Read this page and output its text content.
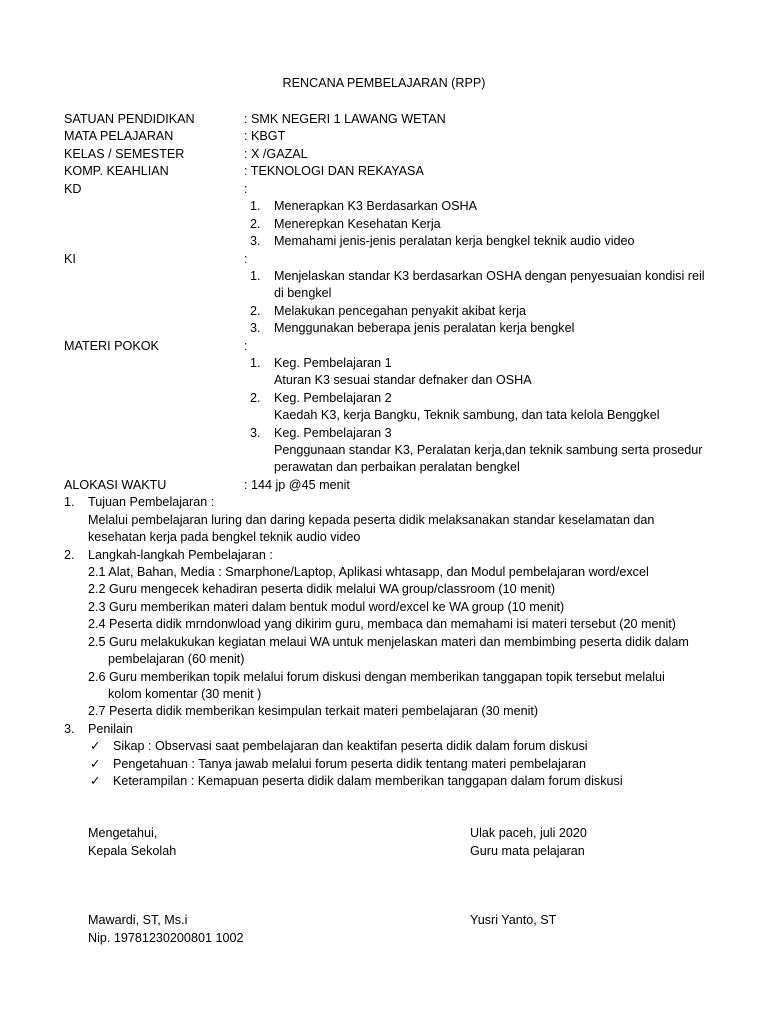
RENCANA PEMBELAJARAN (RPP)
SATUAN PENDIDIKAN	: SMK NEGERI 1 LAWANG WETAN
MATA PELAJARAN	: KBGT
KELAS / SEMESTER	: X /GAZAL
KOMP. KEAHLIAN	: TEKNOLOGI DAN REKAYASA
KD	:
1. Menerapkan K3 Berdasarkan OSHA
2. Menerepkan Kesehatan Kerja
3. Memahami jenis-jenis peralatan kerja bengkel teknik audio video
KI	:
1. Menjelaskan standar K3 berdasarkan OSHA dengan penyesuaian kondisi reil
di bengkel
2. Melakukan pencegahan penyakit akibat kerja
3. Menggunakan beberapa jenis peralatan kerja bengkel
MATERI POKOK	:
1. Keg. Pembelajaran 1
Aturan K3 sesuai standar defnaker dan OSHA
2. Keg. Pembelajaran 2
Kaedah K3, kerja Bangku, Teknik sambung, dan tata kelola Benggkel
3. Keg. Pembelajaran 3
Penggunaan standar K3, Peralatan kerja,dan teknik sambung serta prosedur
perawatan dan perbaikan peralatan bengkel
ALOKASI WAKTU	: 144 jp @45 menit
1. Tujuan Pembelajaran :
Melalui pembelajaran luring dan daring kepada peserta didik melaksanakan standar keselamatan dan
kesehatan kerja pada bengkel teknik audio video
2. Langkah-langkah Pembelajaran :
2.1 Alat, Bahan, Media : Smarphone/Laptop, Aplikasi whtasapp, dan Modul pembelajaran word/excel
2.2 Guru mengecek kehadiran peserta didik melalui WA group/classroom (10 menit)
2.3 Guru memberikan materi dalam bentuk modul word/excel ke WA group (10 menit)
2.4 Peserta didik mrndonwload yang dikirim guru, membaca dan memahami isi materi tersebut (20 menit)
2.5 Guru melakukukan kegiatan melaui WA untuk menjelaskan materi dan membimbing peserta didik dalam
pembelajaran (60 menit)
2.6 Guru memberikan topik melalui forum diskusi dengan memberikan tanggapan topik tersebut melalui
kolom komentar (30 menit )
2.7 Peserta didik memberikan kesimpulan terkait materi pembelajaran (30 menit)
3. Penilain
✓ Sikap : Observasi saat pembelajaran dan keaktifan peserta didik dalam forum diskusi
✓ Pengetahuan : Tanya jawab melalui forum peserta didik tentang materi pembelajaran
✓ Keterampilan : Kemapuan peserta didik dalam memberikan tanggapan dalam forum diskusi
Mengetahui,
Kepala Sekolah
Ulak paceh, juli 2020
Guru mata pelajaran
Mawardi, ST, Ms.i
Nip. 19781230200801 1002
Yusri Yanto, ST
